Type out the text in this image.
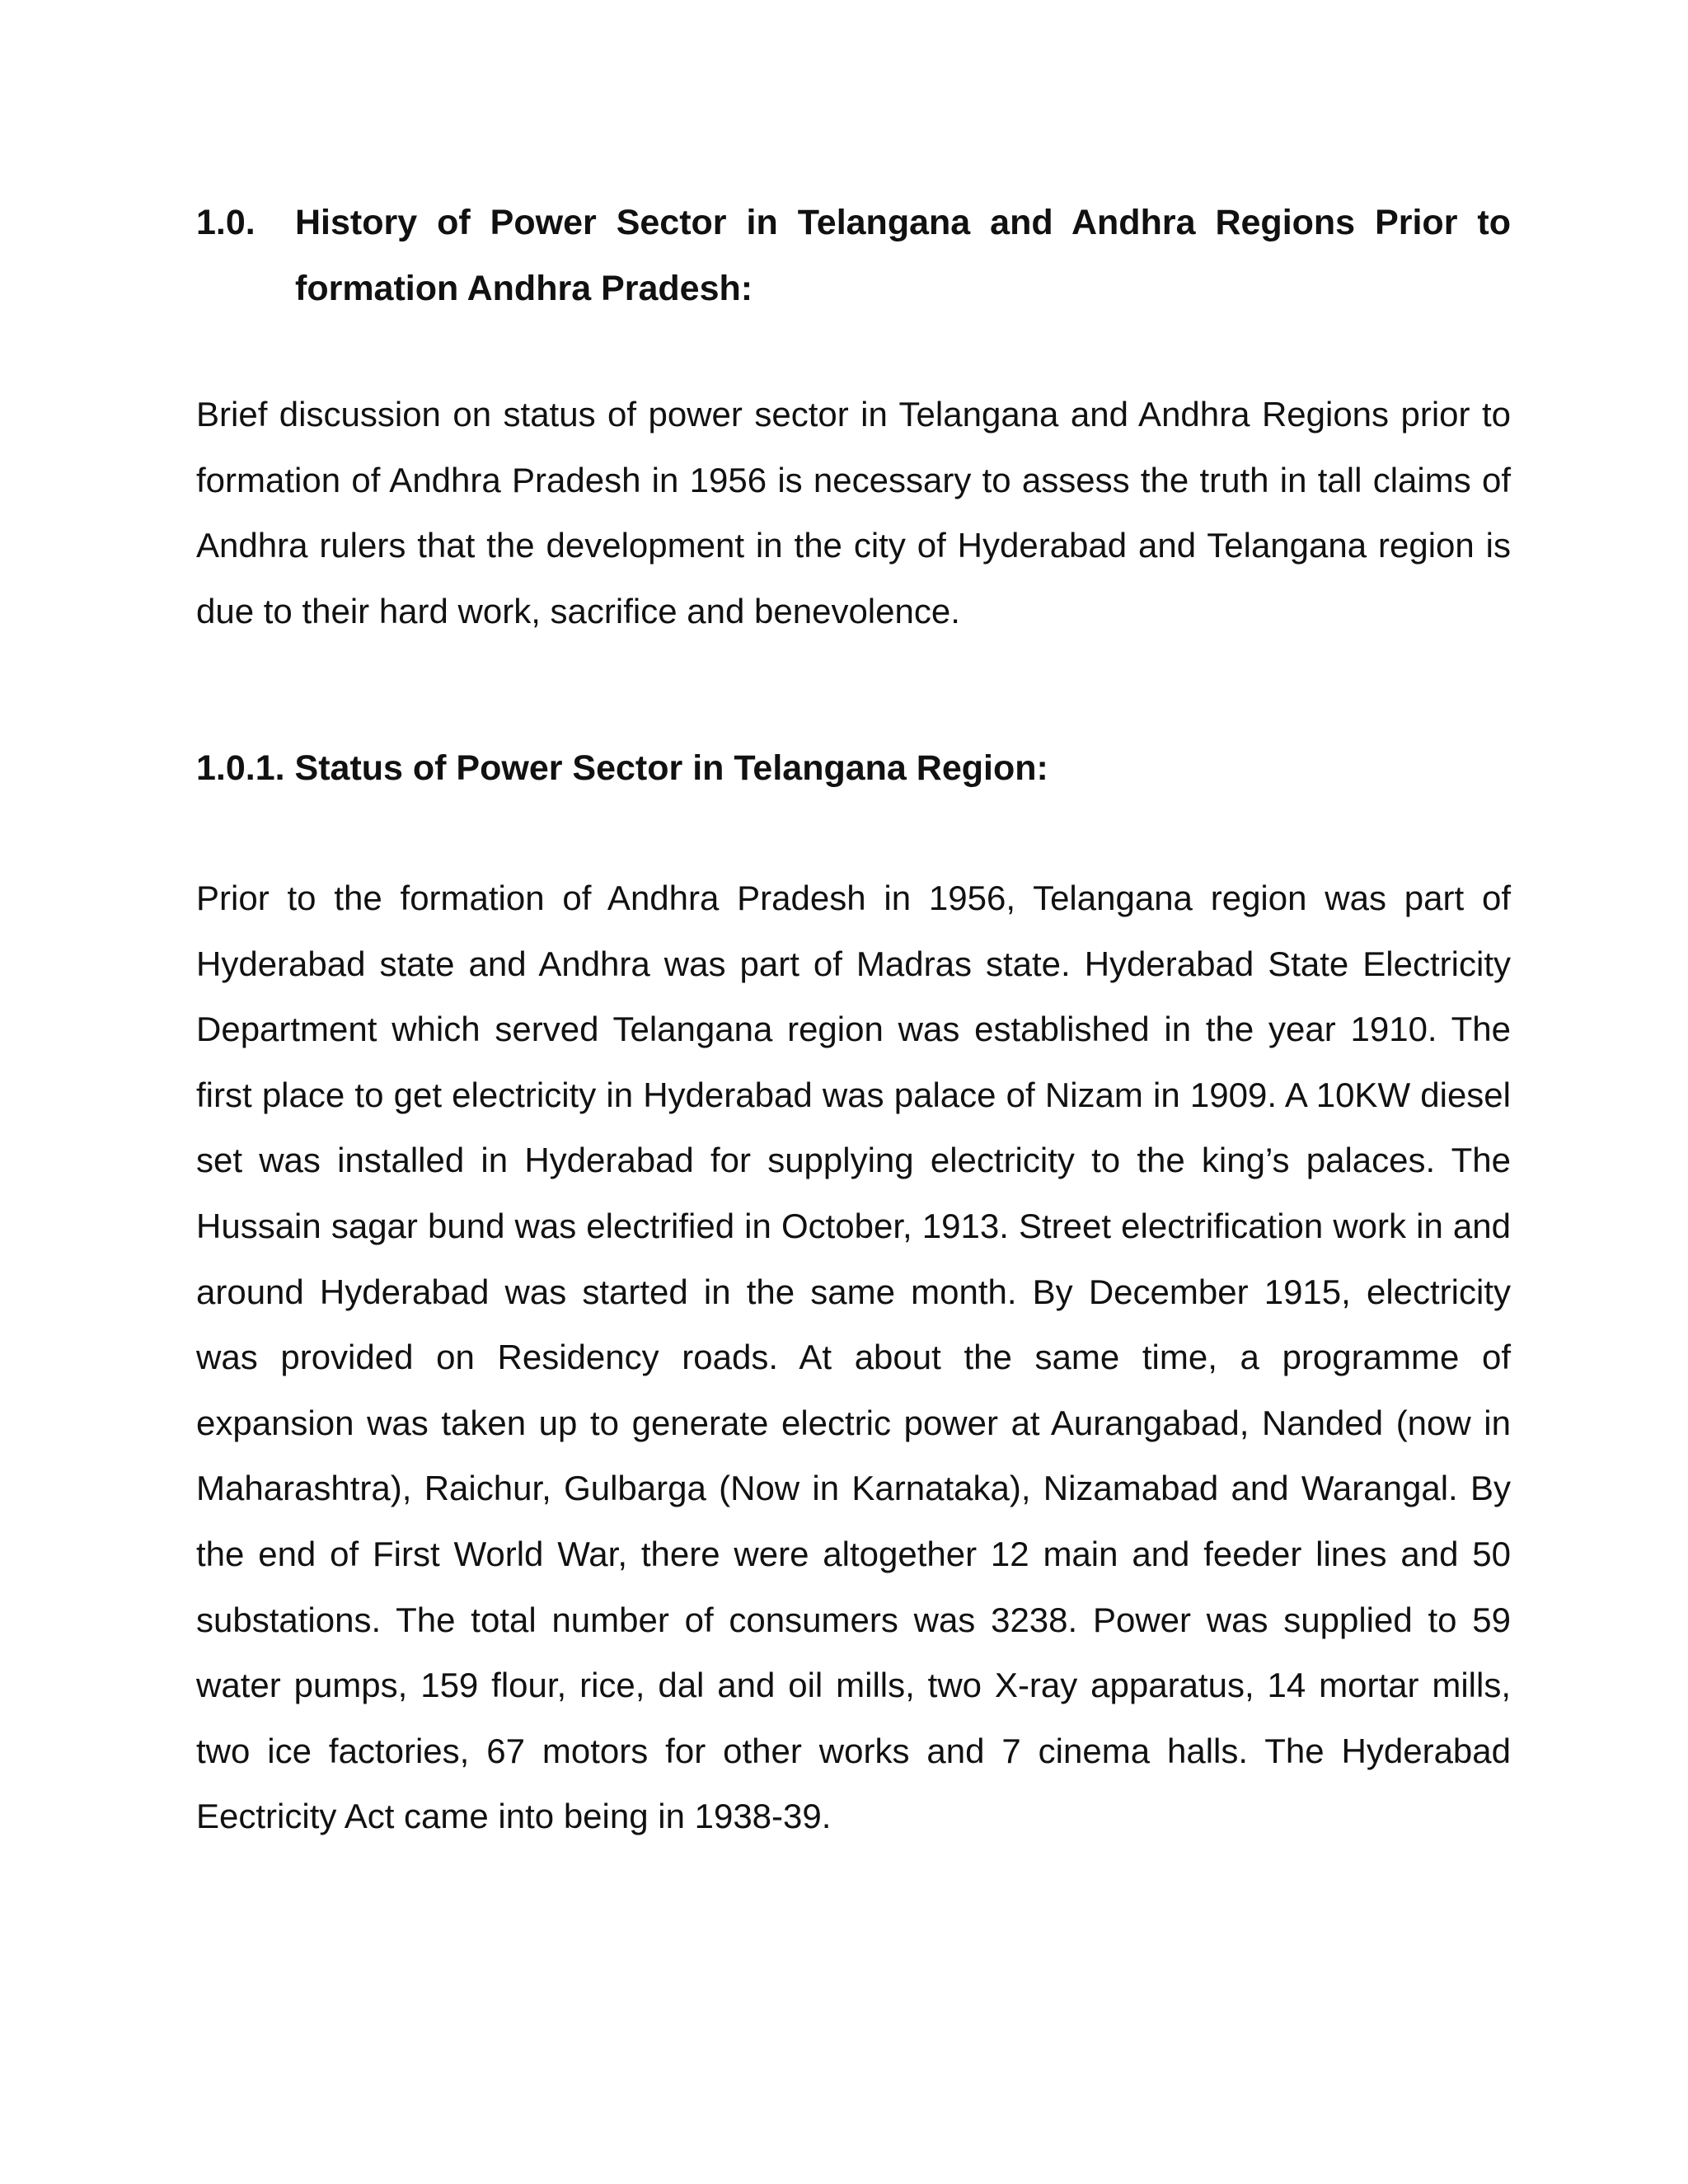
1.0. History of Power Sector in Telangana and Andhra Regions Prior to formation Andhra Pradesh:

Brief discussion on status of power sector in Telangana and Andhra Regions prior to formation of Andhra Pradesh in 1956 is necessary to assess the truth in tall claims of Andhra rulers that the development in the city of Hyderabad and Telangana region is due to their hard work, sacrifice and benevolence.

1.0.1. Status of Power Sector in Telangana Region:

Prior to the formation of Andhra Pradesh in 1956, Telangana region was part of Hyderabad state and Andhra was part of Madras state. Hyderabad State Electricity Department which served Telangana region was established in the year 1910. The first place to get electricity in Hyderabad was palace of Nizam in 1909. A 10KW diesel set was installed in Hyderabad for supplying electricity to the king’s palaces. The Hussain sagar bund was electrified in October, 1913. Street electrification work in and around Hyderabad was started in the same month. By December 1915, electricity was provided on Residency roads. At about the same time, a programme of expansion was taken up to generate electric power at Aurangabad, Nanded (now in Maharashtra), Raichur, Gulbarga (Now in Karnataka), Nizamabad and Warangal. By the end of First World War, there were altogether 12 main and feeder lines and 50 substations. The total number of consumers was 3238. Power was supplied to 59 water pumps, 159 flour, rice, dal and oil mills, two X-ray apparatus, 14 mortar mills, two ice factories, 67 motors for other works and 7 cinema halls. The Hyderabad Eectricity Act came into being in 1938-39.
